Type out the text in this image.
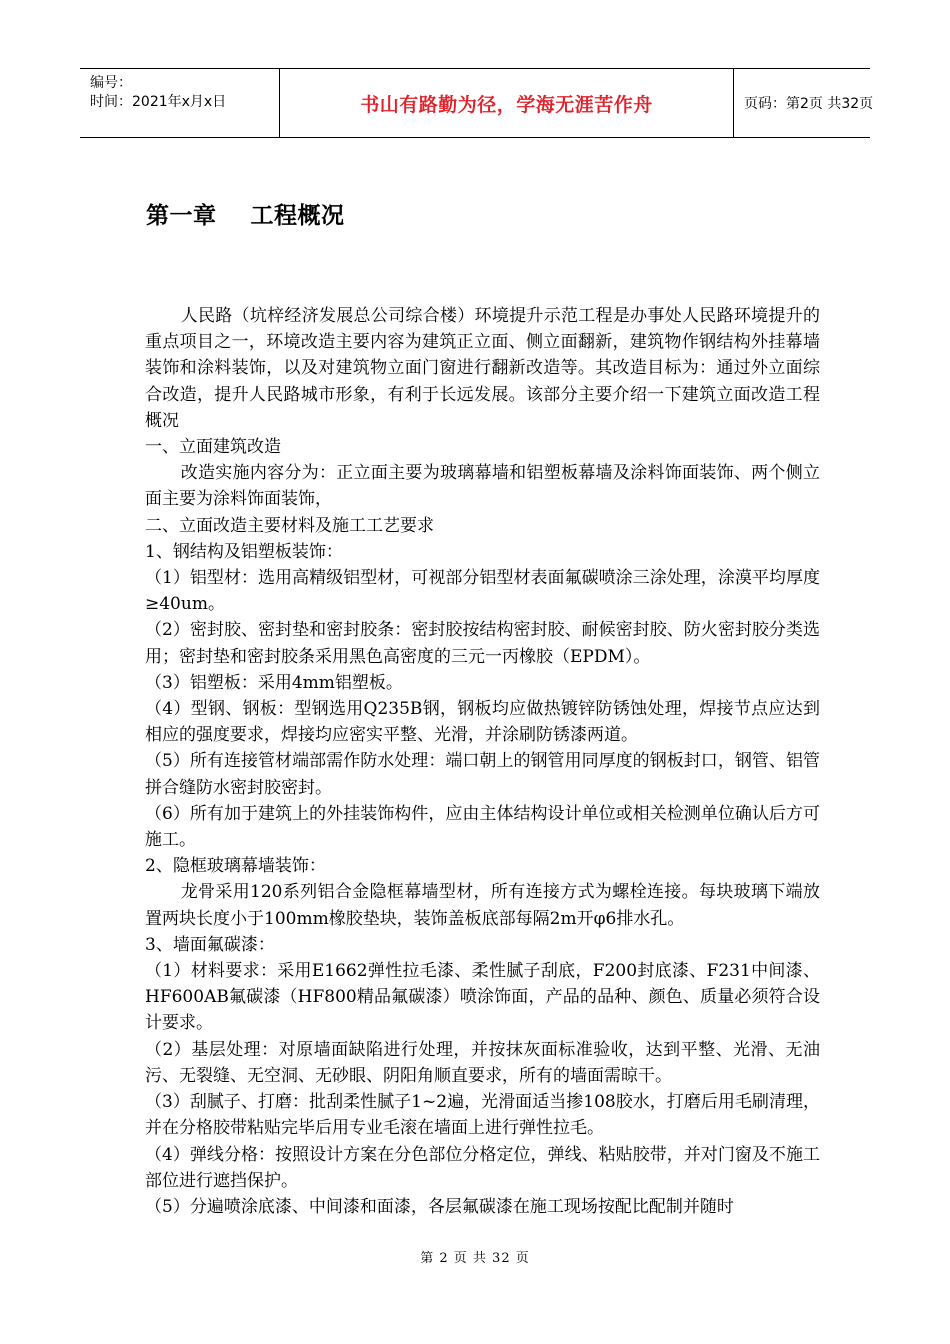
编号：
时间：2021年x月x日	书山有路勤为径，学海无涯苦作舟	页码：第2页 共32页
第一章    工程概况

人民路（坑梓经济发展总公司综合楼）环境提升示范工程是办事处人民路环境提升的重点项目之一，环境改造主要内容为建筑正立面、侧立面翻新，建筑物作钢结构外挂幕墙装饰和涂料装饰，以及对建筑物立面门窗进行翻新改造等。其改造目标为：通过外立面综合改造，提升人民路城市形象，有利于长远发展。该部分主要介绍一下建筑立面改造工程概况

一、立面建筑改造

改造实施内容分为：正立面主要为玻璃幕墙和铝塑板幕墙及涂料饰面装饰、两个侧立面主要为涂料饰面装饰，

二、立面改造主要材料及施工工艺要求

1、钢结构及铝塑板装饰：

（1）铝型材：选用高精级铝型材，可视部分铝型材表面氟碳喷涂三涂处理，涂漠平均厚度≥40um。

（2）密封胶、密封垫和密封胶条：密封胶按结构密封胶、耐候密封胶、防火密封胶分类选用；密封垫和密封胶条采用黑色高密度的三元一丙橡胶（EPDM）。

（3）铝塑板：采用4mm铝塑板。

（4）型钢、钢板：型钢选用Q235B钢，钢板均应做热镀锌防锈蚀处理，焊接节点应达到相应的强度要求，焊接均应密实平整、光滑，并涂刷防锈漆两道。

（5）所有连接管材端部需作防水处理：端口朝上的钢管用同厚度的钢板封口，钢管、铝管拼合缝防水密封胶密封。

（6）所有加于建筑上的外挂装饰构件，应由主体结构设计单位或相关检测单位确认后方可施工。

2、隐框玻璃幕墙装饰：

龙骨采用120系列铝合金隐框幕墙型材，所有连接方式为螺栓连接。每块玻璃下端放置两块长度小于100mm橡胶垫块，装饰盖板底部每隔2m开φ6排水孔。

3、墙面氟碳漆：

（1）材料要求：采用E1662弹性拉毛漆、柔性腻子刮底，F200封底漆、F231中间漆、HF600AB氟碳漆（HF800精品氟碳漆）喷涂饰面，产品的品种、颜色、质量必须符合设计要求。

（2）基层处理：对原墙面缺陷进行处理，并按抹灰面标准验收，达到平整、光滑、无油污、无裂缝、无空洞、无砂眼、阴阳角顺直要求，所有的墙面需晾干。

（3）刮腻子、打磨：批刮柔性腻子1~2遍，光滑面适当掺108胶水，打磨后用毛刷清理，并在分格胶带粘贴完毕后用专业毛滚在墙面上进行弹性拉毛。

（4）弹线分格：按照设计方案在分色部位分格定位，弹线、粘贴胶带，并对门窗及不施工部位进行遮挡保护。

（5）分遍喷涂底漆、中间漆和面漆，各层氟碳漆在施工现场按配比配制并随时

第 2 页 共 32 页
